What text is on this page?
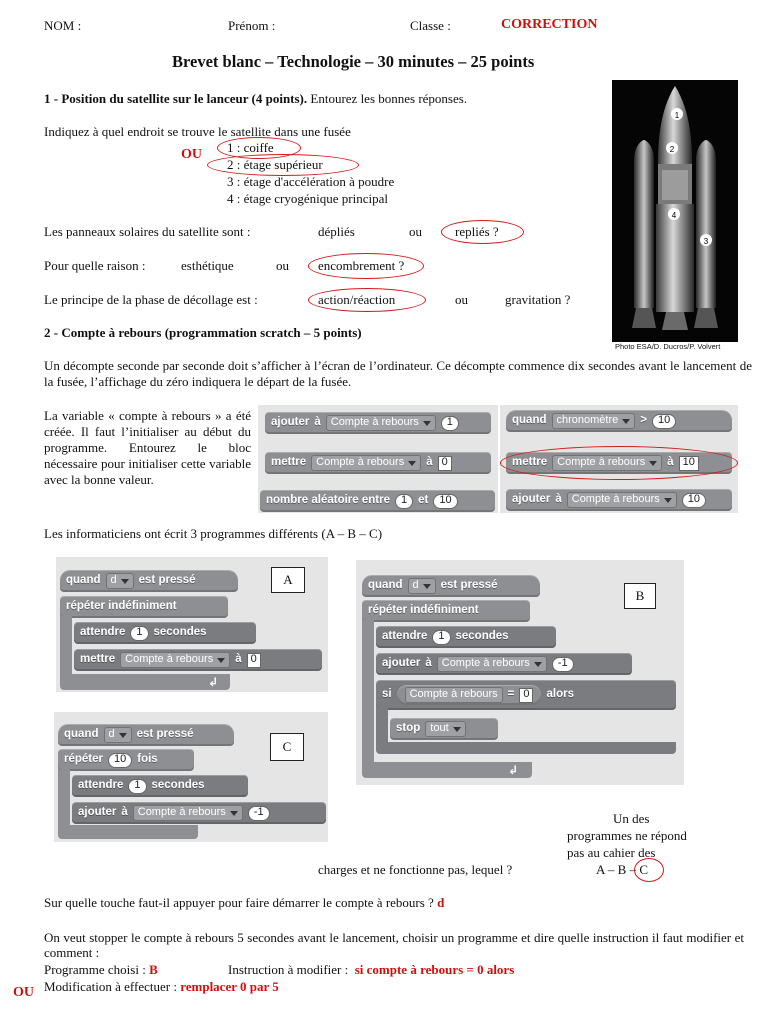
NOM :	Prénom :	Classe :	CORRECTION
Brevet blanc – Technologie – 30 minutes – 25 points
1 - Position du satellite sur le lanceur (4 points). Entourez les bonnes réponses.
Indiquez à quel endroit se trouve le satellite dans une fusée
OU 1 : coiffe
2 : étage supérieur
3 : étage d'accélération à poudre
4 : étage cryogénique principal
Les panneaux solaires du satellite sont :	dépliés	ou	repliés ?
Pour quelle raison :	esthétique	ou encombrement ?
Le principe de la phase de décollage est :	action/réaction	ou	gravitation ?
1
2
3
4
Photo ESA/D. Ducros/P. Volvert
2 - Compte à rebours (programmation scratch – 5 points)
Un décompte seconde par seconde doit s’afficher à l’écran de l’ordinateur. Ce décompte commence dix secondes avant le lancement de la fusée, l’affichage du zéro indiquera le départ de la fusée.
La variable « compte à rebours » a été créée. Il faut l’initialiser au début du programme. Entourez le bloc nécessaire pour initialiser cette variable avec la bonne valeur.
ajouter à Compte à rebours	1
mettre Compte à rebours à 0
nombre aléatoire entre	1 et	10
quand chronomètre >	10
mettre Compte à rebours à 10
ajouter à Compte à rebours	10
Les informaticiens ont écrit 3 programmes différents (A – B – C)
quand d est pressé
répéter indéfiniment
attendre	1 secondes
mettre Compte à rebours à 0
↲
A	quand d est pressé
répéter indéfiniment
attendre	1 secondes
ajouter à Compte à rebours	-1
si Compte à rebours = 0	alors
stop tout
↲
B
quand d est pressé
répéter	10 fois
attendre	1 secondes
ajouter à Compte à rebours	-1
C
Un des
programmes ne répond
pas au cahier des
charges et ne fonctionne pas, lequel ?	A – B – C
Sur quelle touche faut-il appuyer pour faire démarrer le compte à rebours ? d
On veut stopper le compte à rebours 5 secondes avant le lancement, choisir un programme et dire quelle instruction il faut modifier et comment :
Programme choisi : B	Instruction à modifier : si compte à rebours = 0 alors
OU Modification à effectuer : remplacer 0 par 5
